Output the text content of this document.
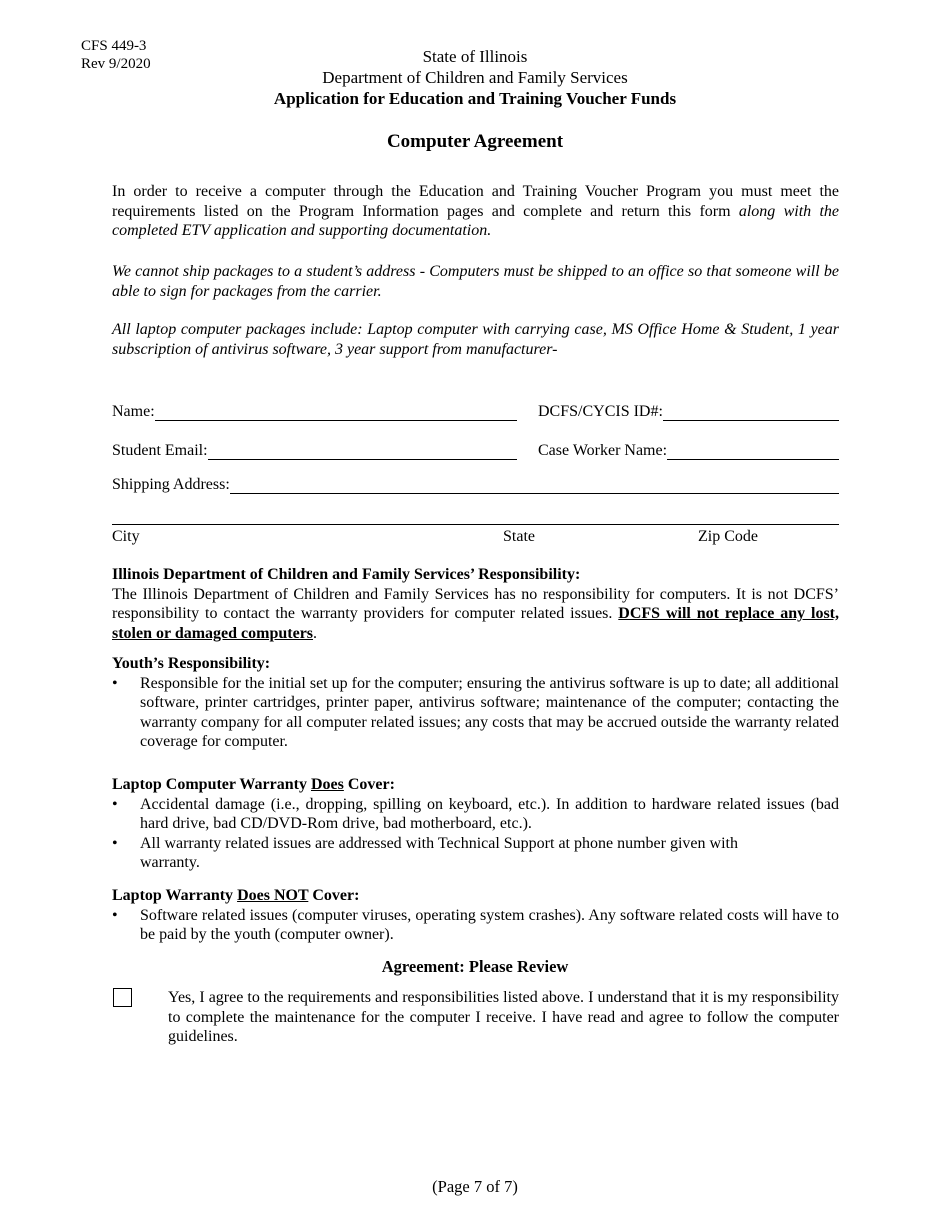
CFS 449-3
Rev 9/2020	State of Illinois
Department of Children and Family Services
Application for Education and Training Voucher Funds
Computer Agreement
In order to receive a computer through the Education and Training Voucher Program you must meet the requirements listed on the Program Information pages and complete and return this form along with the completed ETV application and supporting documentation.
We cannot ship packages to a student’s address - Computers must be shipped to an office so that someone will be able to sign for packages from the carrier.
All laptop computer packages include: Laptop computer with carrying case, MS Office Home & Student, 1 year subscription of antivirus software, 3 year support from manufacturer-
Name:	DCFS/CYCIS ID#:
Student Email:	Case Worker Name:
Shipping Address:
City	State	Zip Code
Illinois Department of Children and Family Services’ Responsibility:
The Illinois Department of Children and Family Services has no responsibility for computers. It is not DCFS’ responsibility to contact the warranty providers for computer related issues. DCFS will not replace any lost, stolen or damaged computers.
Youth’s Responsibility:
• Responsible for the initial set up for the computer; ensuring the antivirus software is up to date; all additional software, printer cartridges, printer paper, antivirus software; maintenance of the computer; contacting the warranty company for all computer related issues; any costs that may be accrued outside the warranty related coverage for computer.
Laptop Computer Warranty Does Cover:
• Accidental damage (i.e., dropping, spilling on keyboard, etc.). In addition to hardware related issues (bad hard drive, bad CD/DVD-Rom drive, bad motherboard, etc.).
• All warranty related issues are addressed with Technical Support at phone number given with warranty.
Laptop Warranty Does NOT Cover:
• Software related issues (computer viruses, operating system crashes). Any software related costs will have to be paid by the youth (computer owner).
Agreement: Please Review
Yes, I agree to the requirements and responsibilities listed above. I understand that it is my responsibility to complete the maintenance for the computer I receive. I have read and agree to follow the computer guidelines.
(Page 7 of 7)
